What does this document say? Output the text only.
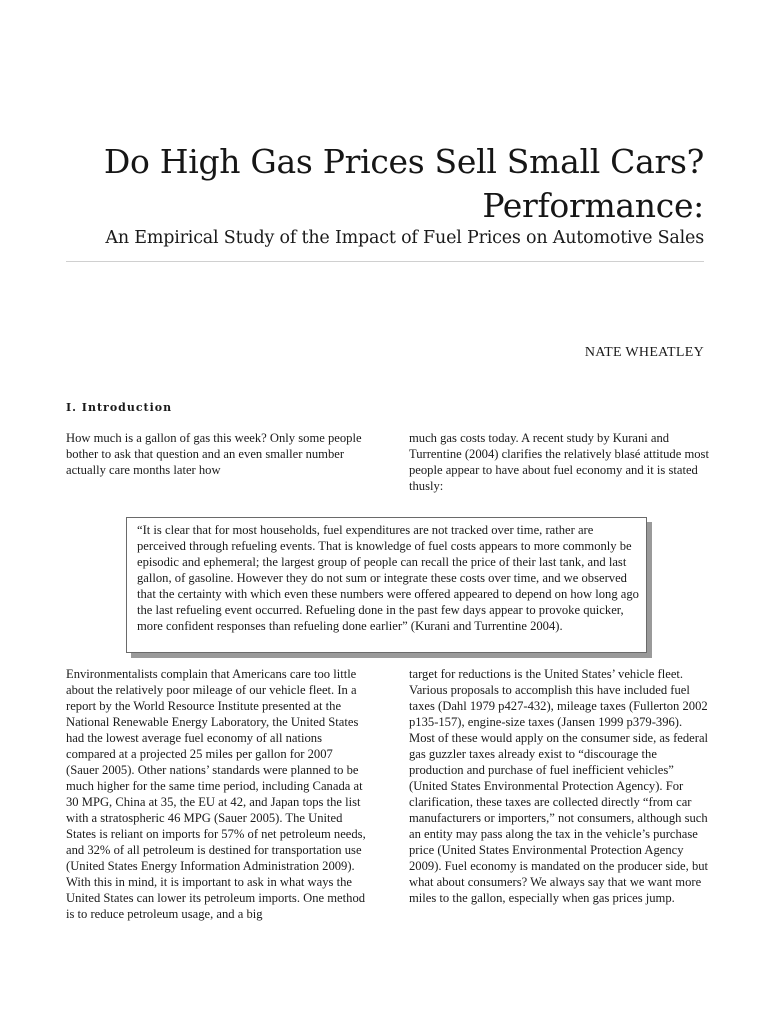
Do High Gas Prices Sell Small Cars?
Performance:
An Empirical Study of the Impact of Fuel Prices on Automotive Sales
NATE WHEATLEY
I. Introduction

How much is a gallon of gas this week? Only some people bother to ask that question and an even smaller number actually care months later how

much gas costs today. A recent study by Kurani and Turrentine (2004) clarifies the relatively blasé attitude most people appear to have about fuel economy and it is stated thusly:

“It is clear that for most households, fuel expenditures are not tracked over time, rather are perceived through refueling events. That is knowledge of fuel costs appears to more commonly be episodic and ephemeral; the largest group of people can recall the price of their last tank, and last gallon, of gasoline. However they do not sum or integrate these costs over time, and we observed that the certainty with which even these numbers were offered appeared to depend on how long ago the last refueling event occurred. Refueling done in the past few days appear to provoke quicker, more confident responses than refueling done earlier” (Kurani and Turrentine 2004).

Environmentalists complain that Americans care too little about the relatively poor mileage of our vehicle fleet. In a report by the World Resource Institute presented at the National Renewable Energy Laboratory, the United States had the lowest average fuel economy of all nations compared at a projected 25 miles per gallon for 2007 (Sauer 2005). Other nations’ standards were planned to be much higher for the same time period, including Canada at 30 MPG, China at 35, the EU at 42, and Japan tops the list with a stratospheric 46 MPG (Sauer 2005). The United States is reliant on imports for 57% of net petroleum needs, and 32% of all petroleum is destined for transportation use (United States Energy Information Administration 2009). With this in mind, it is important to ask in what ways the United States can lower its petroleum imports. One method is to reduce petroleum usage, and a big

target for reductions is the United States’ vehicle fleet. Various proposals to accomplish this have included fuel taxes (Dahl 1979 p427-432), mileage taxes (Fullerton 2002 p135-157), engine-size taxes (Jansen 1999 p379-396). Most of these would apply on the consumer side, as federal gas guzzler taxes already exist to “discourage the production and purchase of fuel inefficient vehicles” (United States Environmental Protection Agency). For clarification, these taxes are collected directly “from car manufacturers or importers,” not consumers, although such an entity may pass along the tax in the vehicle’s purchase price (United States Environmental Protection Agency 2009). Fuel economy is mandated on the producer side, but what about consumers? We always say that we want more miles to the gallon, especially when gas prices jump.
